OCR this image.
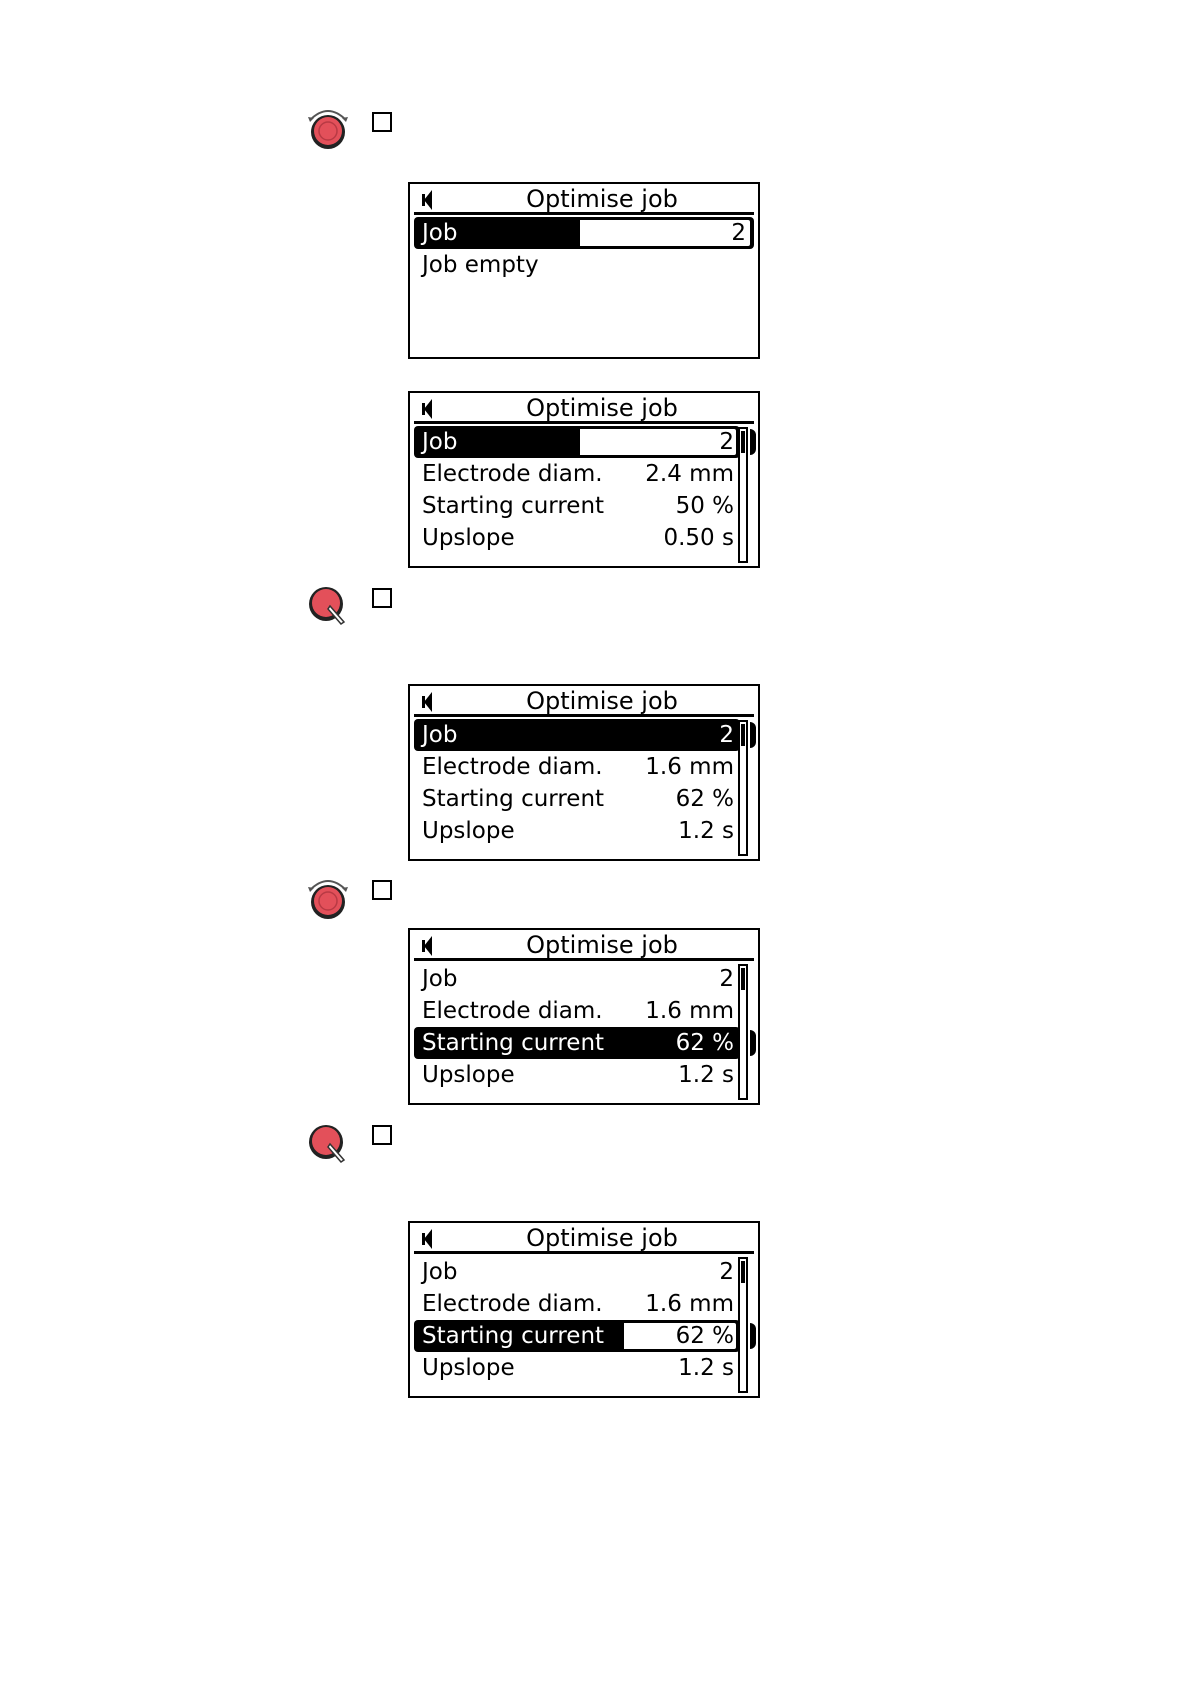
Optimise job
Job	2
Job empty
Optimise job
Job	2
Electrode diam. 2.4 mm
Starting current	50 %
Upslope	0.50 s
Optimise job
Job	2
Electrode diam. 1.6 mm
Starting current	62 %
Upslope	1.2 s
Optimise job
Job	2
Electrode diam. 1.6 mm
Starting current	62 %
Upslope	1.2 s
Optimise job
Job	2
Electrode diam. 1.6 mm
Starting current	62 %
Upslope	1.2 s
